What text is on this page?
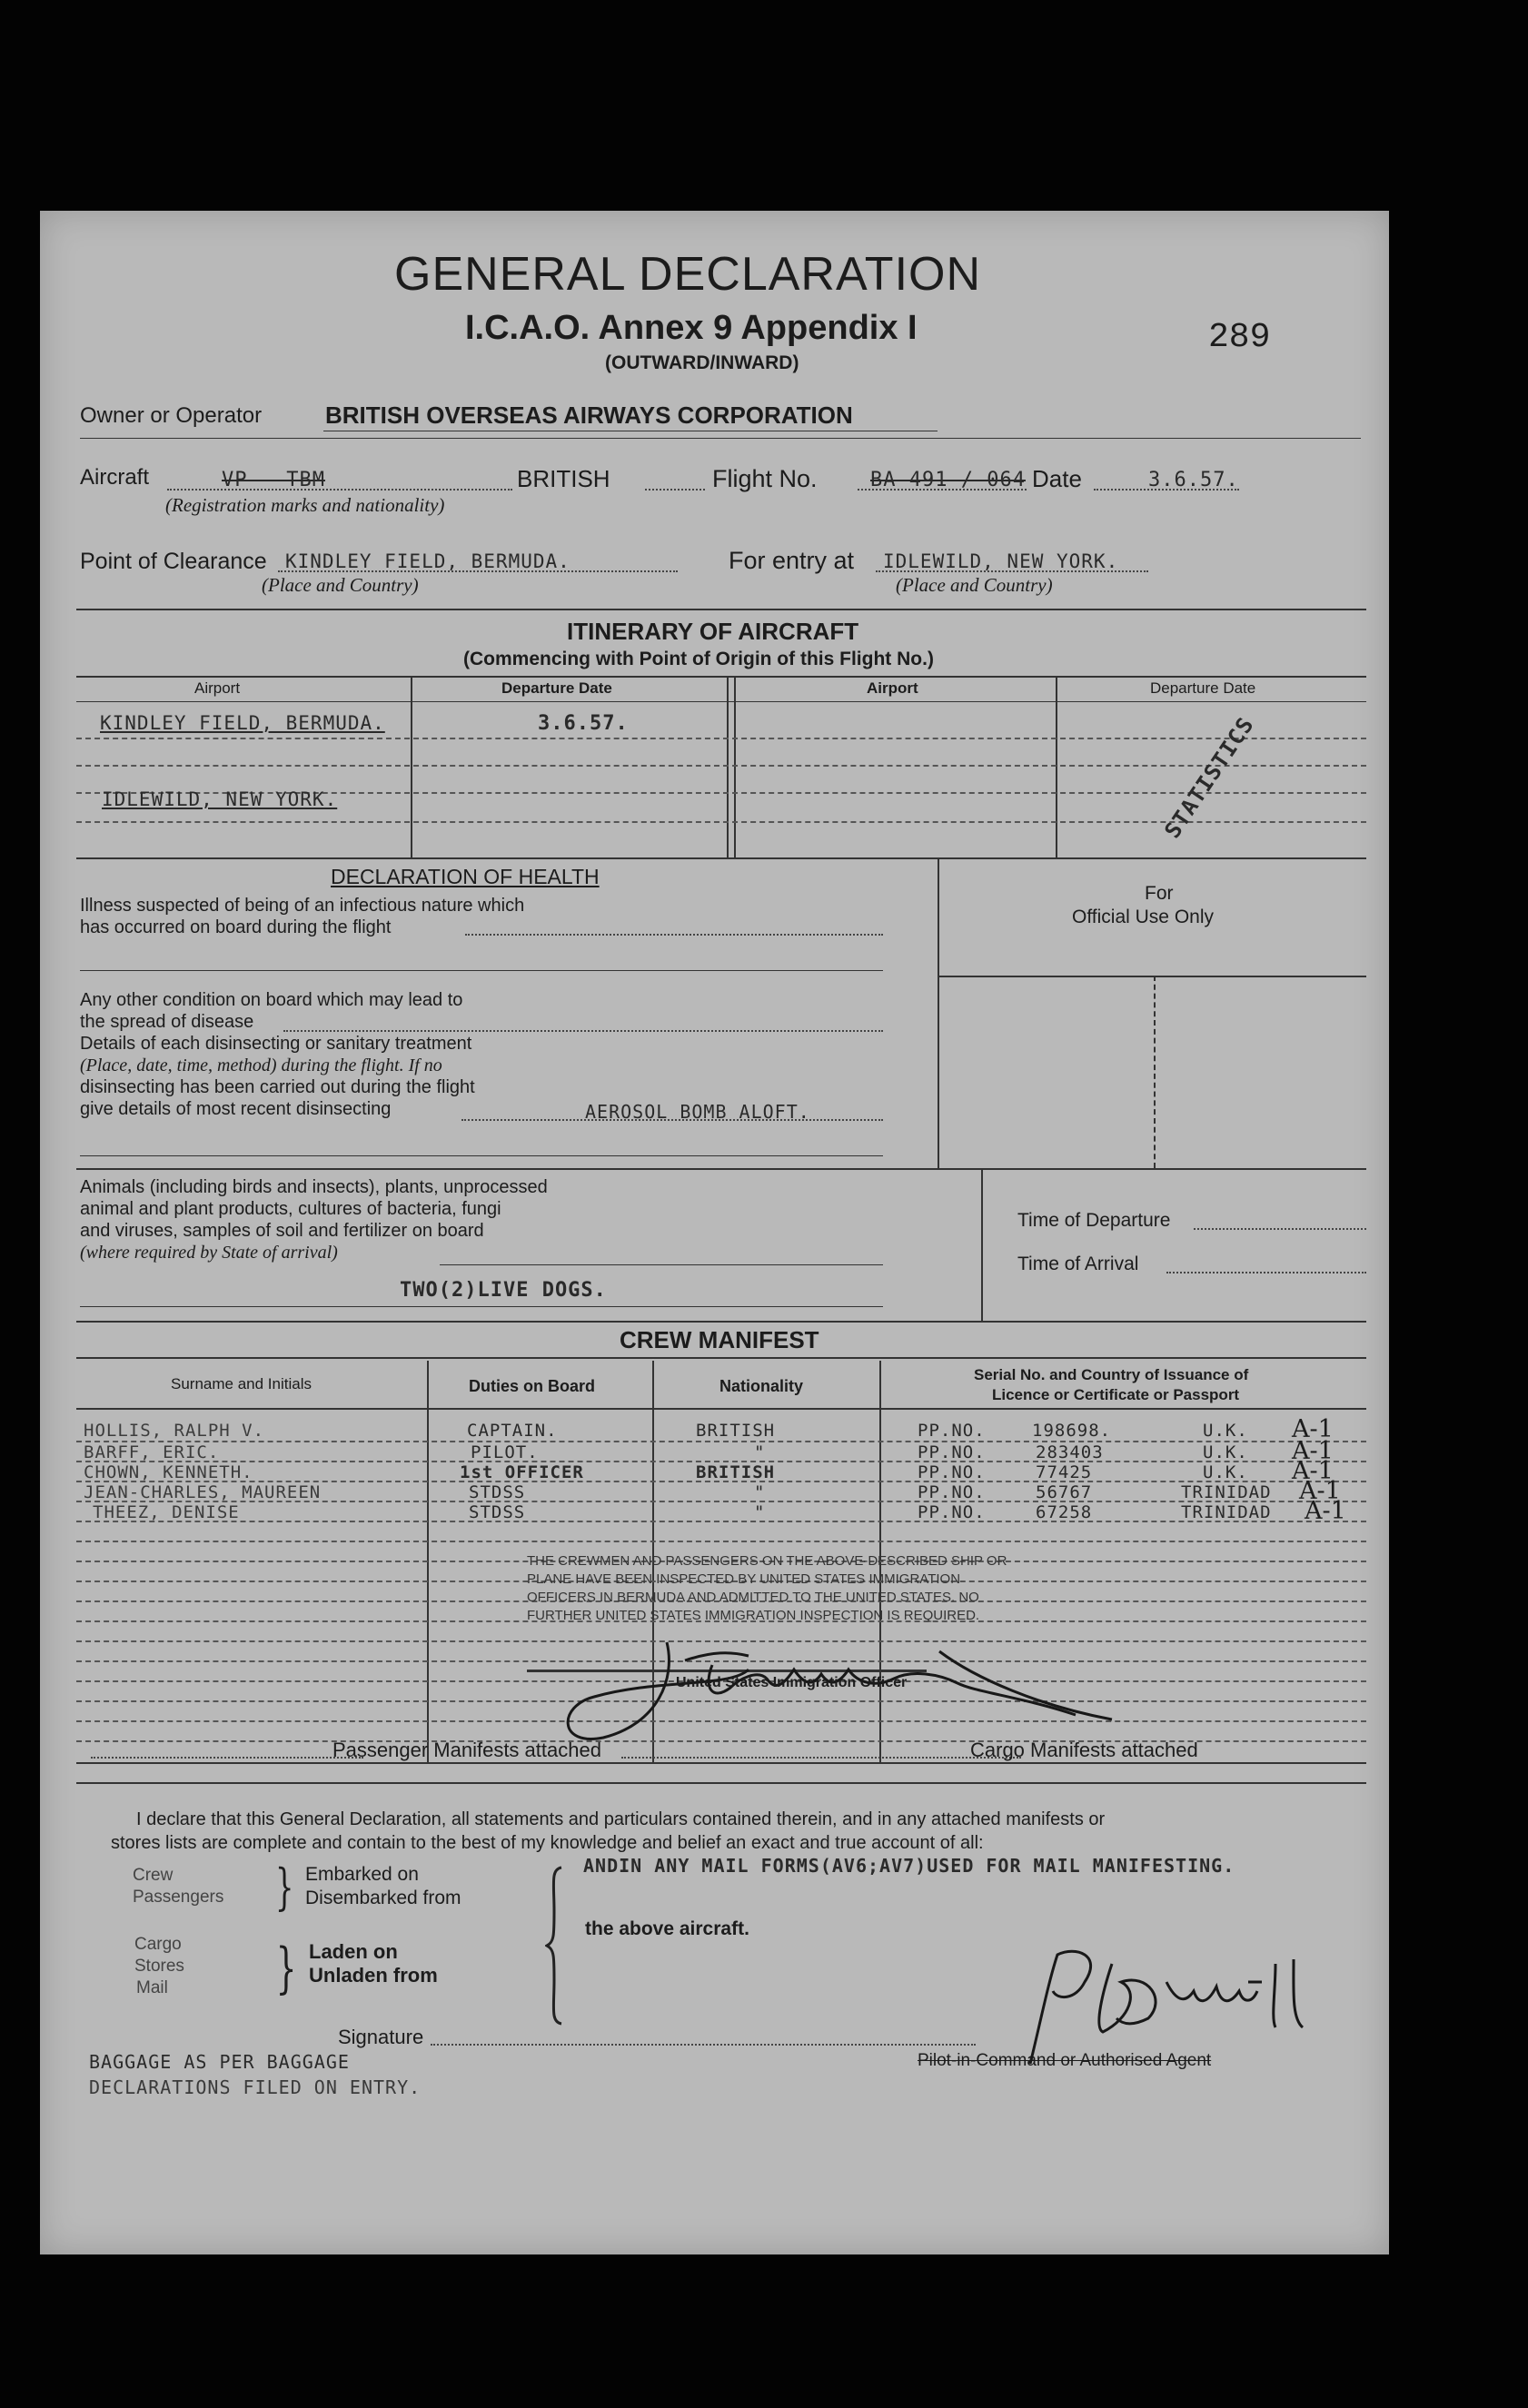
GENERAL DECLARATION
I.C.A.O. Annex 9 Appendix I
(OUTWARD/INWARD)
289
Owner or Operator	BRITISH OVERSEAS AIRWAYS CORPORATION
Aircraft	VP - TBM	BRITISH
(Registration marks and nationality)
Flight No.	BA 491 / 064 Date	3.6.57.
Point of Clearance KINDLEY FIELD, BERMUDA.
(Place and Country)
For entry at IDLEWILD, NEW YORK.
(Place and Country)
ITINERARY OF AIRCRAFT
(Commencing with Point of Origin of this Flight No.)
Airport	Departure Date	Airport	Departure Date
KINDLEY FIELD, BERMUDA.	3.6.57.
IDLEWILD, NEW YORK.	STATISTICS
DECLARATION OF HEALTH
Illness suspected of being of an infectious nature which
has occurred on board during the flight
For
Official Use Only
Any other condition on board which may lead to
the spread of disease
Details of each disinsecting or sanitary treatment
(Place, date, time, method) during the flight. If no
disinsecting has been carried out during the flight
give details of most recent disinsecting	AEROSOL BOMB ALOFT.
Animals (including birds and insects), plants, unprocessed
animal and plant products, cultures of bacteria, fungi
and viruses, samples of soil and fertilizer on board
(where required by State of arrival)
TWO(2)LIVE DOGS.
Time of Departure
Time of Arrival
CREW MANIFEST
Surname and Initials	Duties on Board	Nationality
Serial No. and Country of Issuance of
Licence or Certificate or Passport
HOLLIS, RALPH V.	CAPTAIN.	BRITISH	PP.NO.	198698.	U.K. A-1
BARFF, ERIC.	PILOT.	"	PP.NO.	283403	U.K. A-1
CHOWN, KENNETH.	1st OFFICER	BRITISH	PP.NO.	77425	U.K. A-1
JEAN-CHARLES, MAUREEN	STDSS	"	PP.NO.	56767	TRINIDAD A-1
THEEZ, DENISE	STDSS	"	PP.NO.	67258	TRINIDAD A-1
THE CREWMEN AND PASSENGERS ON THE ABOVE-DESCRIBED SHIP OR
PLANE HAVE BEEN INSPECTED BY UNITED STATES IMMIGRATION
OFFICERS IN BERMUDA AND ADMITTED TO THE UNITED STATES. NO
FURTHER UNITED STATES IMMIGRATION INSPECTION IS REQUIRED.
United States Immigration Officer
Passenger Manifests attached	Cargo Manifests attached
I declare that this General Declaration, all statements and particulars contained therein, and in any attached manifests or
stores lists are complete and contain to the best of my knowledge and belief an exact and true account of all:
Crew
Passengers } Embarked on
Disembarked from
Cargo
Stores
Mail } Laden on
Unladen from
ANDIN ANY MAIL FORMS(AV6;AV7)USED FOR MAIL MANIFESTING.
the above aircraft.
Signature
Pilot-in-Command or Authorised Agent
BAGGAGE AS PER BAGGAGE
DECLARATIONS FILED ON ENTRY.
